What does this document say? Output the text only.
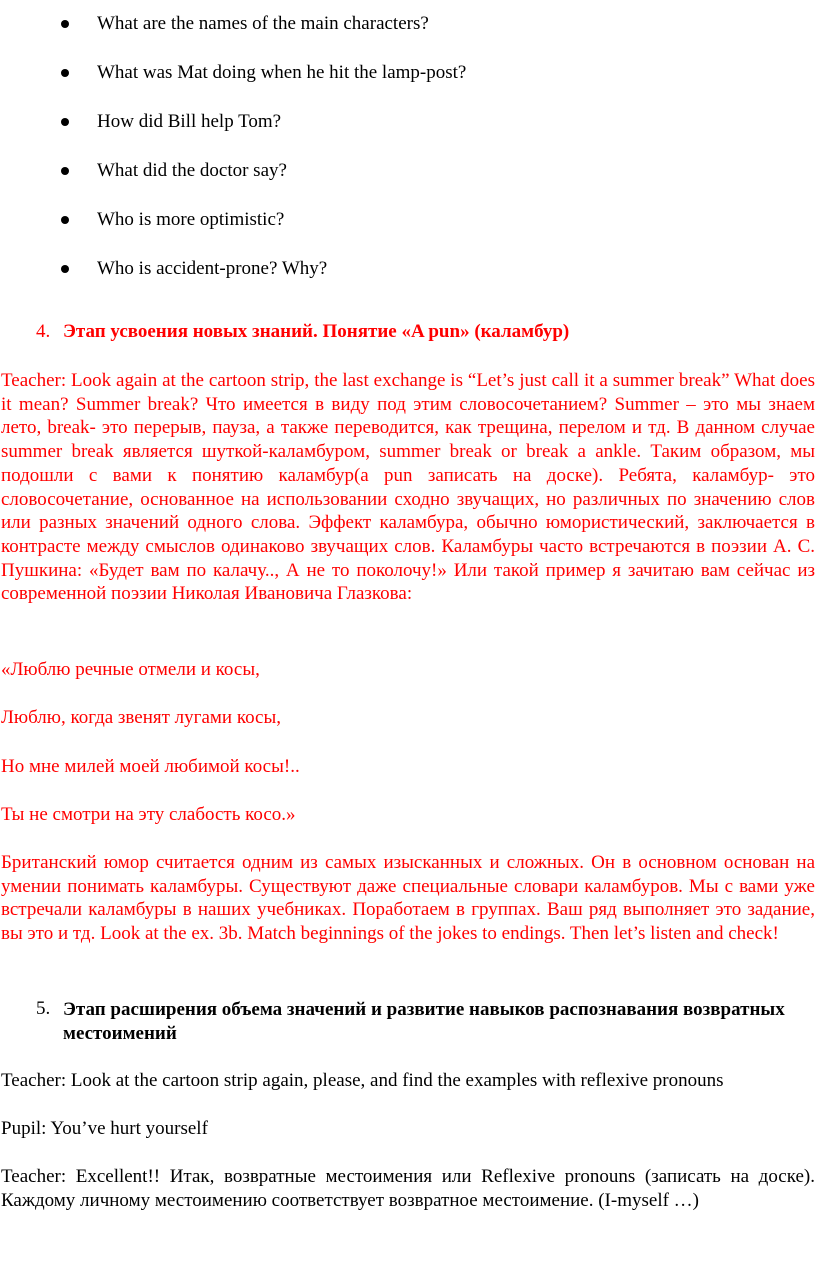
What are the names of the main characters?
What was Mat doing when he hit the lamp-post?
How did Bill help Tom?
What did the doctor say?
Who is more optimistic?
Who is accident-prone? Why?
4. Этап усвоения новых знаний. Понятие «A pun» (каламбур)

Teacher: Look again at the cartoon strip, the last exchange is “Let’s just call it a summer break” What does it mean? Summer break? Что имеется в виду под этим словосочетанием? Summer – это мы знаем лето, break- это перерыв, пауза, а также переводится, как трещина, перелом и тд. В данном случае summer break является шуткой-каламбуром, summer break or break a ankle. Таким образом, мы подошли с вами к понятию каламбур(а pun записать на доске). Ребята, каламбур- это словосочетание, основанное на использовании сходно звучащих, но различных по значению слов или разных значений одного слова. Эффект каламбура, обычно юмористический, заключается в контрасте между смыслов одинаково звучащих слов. Каламбуры часто встречаются в поэзии А. С. Пушкина: «Будет вам по калачу.., А не то поколочу!» Или такой пример я зачитаю вам сейчас из современной поэзии Николая Ивановича Глазкова:

«Люблю речные отмели и косы,

Люблю, когда звенят лугами косы,

Но мне милей моей любимой косы!..

Ты не смотри на эту слабость косо.»

Британский юмор считается одним из самых изысканных и сложных. Он в основном основан на умении понимать каламбуры. Существуют даже специальные словари каламбуров. Мы с вами уже встречали каламбуры в наших учебниках. Поработаем в группах. Ваш ряд выполняет это задание, вы это и тд. Look at the ex. 3b. Match beginnings of the jokes to endings. Then let’s listen and check!

5. Этап расширения объема значений и развитие навыков распознавания возвратных местоимений

Teacher: Look at the cartoon strip again, please, and find the examples with reflexive pronouns

Pupil: You’ve hurt yourself

Teacher: Excellent!! Итак, возвратные местоимения или Reflexive pronouns (записать на доске). Каждому личному местоимению соответствует возвратное местоимение. (I-myself …)
